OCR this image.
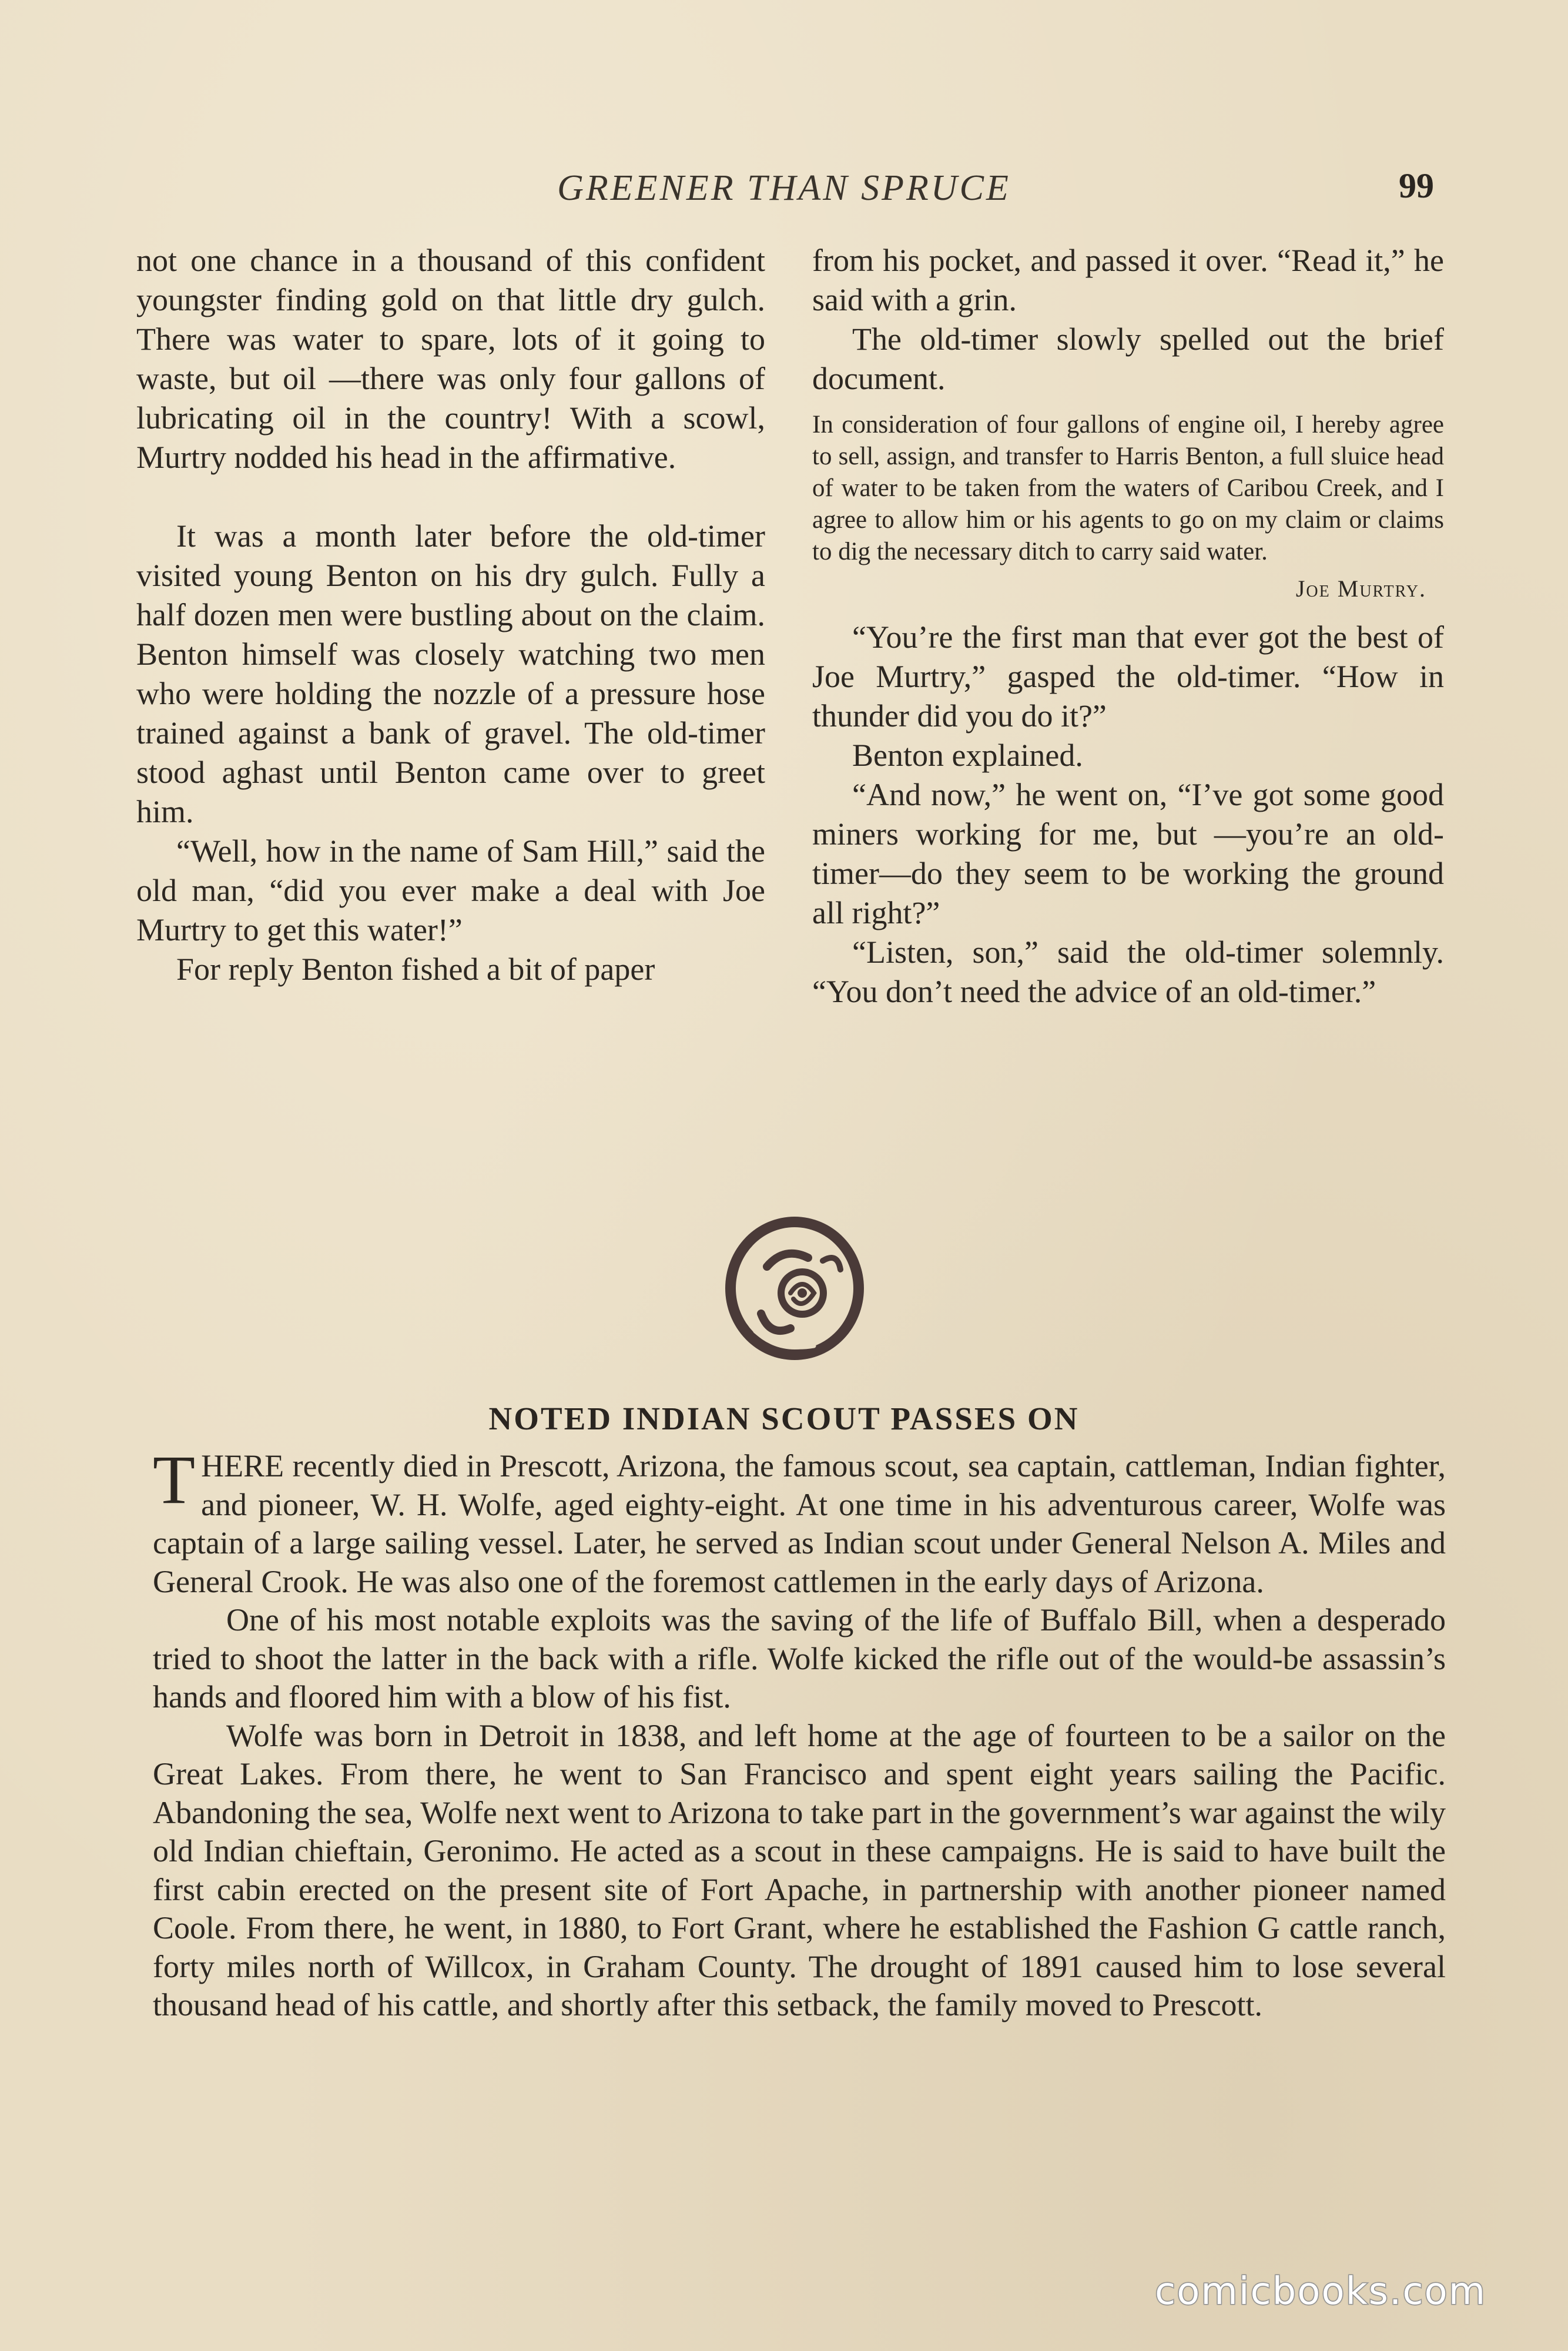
GREENER THAN SPRUCE	99

not one chance in a thousand of this confident youngster finding gold on that little dry gulch. There was water to spare, lots of it going to waste, but oil —there was only four gallons of lubricating oil in the country! With a scowl, Murtry nodded his head in the affirmative.

It was a month later before the old-timer visited young Benton on his dry gulch. Fully a half dozen men were bustling about on the claim. Benton himself was closely watching two men who were holding the nozzle of a pressure hose trained against a bank of gravel. The old-timer stood aghast until Benton came over to greet him.

“Well, how in the name of Sam Hill,” said the old man, “did you ever make a deal with Joe Murtry to get this water!”

For reply Benton fished a bit of paper

from his pocket, and passed it over. “Read it,” he said with a grin.

The old-timer slowly spelled out the brief document.

In consideration of four gallons of engine oil, I hereby agree to sell, assign, and transfer to Harris Benton, a full sluice head of water to be taken from the waters of Caribou Creek, and I agree to allow him or his agents to go on my claim or claims to dig the necessary ditch to carry said water.

Joe Murtry.

“You’re the first man that ever got the best of Joe Murtry,” gasped the old-timer. “How in thunder did you do it?”

Benton explained.

“And now,” he went on, “I’ve got some good miners working for me, but —you’re an old-timer—do they seem to be working the ground all right?”

“Listen, son,” said the old-timer solemnly. “You don’t need the advice of an old-timer.”

NOTED INDIAN SCOUT PASSES ON

THERE recently died in Prescott, Arizona, the famous scout, sea captain, cattleman, Indian fighter, and pioneer, W. H. Wolfe, aged eighty-eight. At one time in his adventurous career, Wolfe was captain of a large sailing vessel. Later, he served as Indian scout under General Nelson A. Miles and General Crook. He was also one of the foremost cattlemen in the early days of Arizona.

One of his most notable exploits was the saving of the life of Buffalo Bill, when a desperado tried to shoot the latter in the back with a rifle. Wolfe kicked the rifle out of the would-be assassin’s hands and floored him with a blow of his fist.

Wolfe was born in Detroit in 1838, and left home at the age of fourteen to be a sailor on the Great Lakes. From there, he went to San Francisco and spent eight years sailing the Pacific. Abandoning the sea, Wolfe next went to Arizona to take part in the government’s war against the wily old Indian chieftain, Geronimo. He acted as a scout in these campaigns. He is said to have built the first cabin erected on the present site of Fort Apache, in partnership with another pioneer named Coole. From there, he went, in 1880, to Fort Grant, where he established the Fashion G cattle ranch, forty miles north of Willcox, in Graham County. The drought of 1891 caused him to lose several thousand head of his cattle, and shortly after this setback, the family moved to Prescott.

comicbooks.com
